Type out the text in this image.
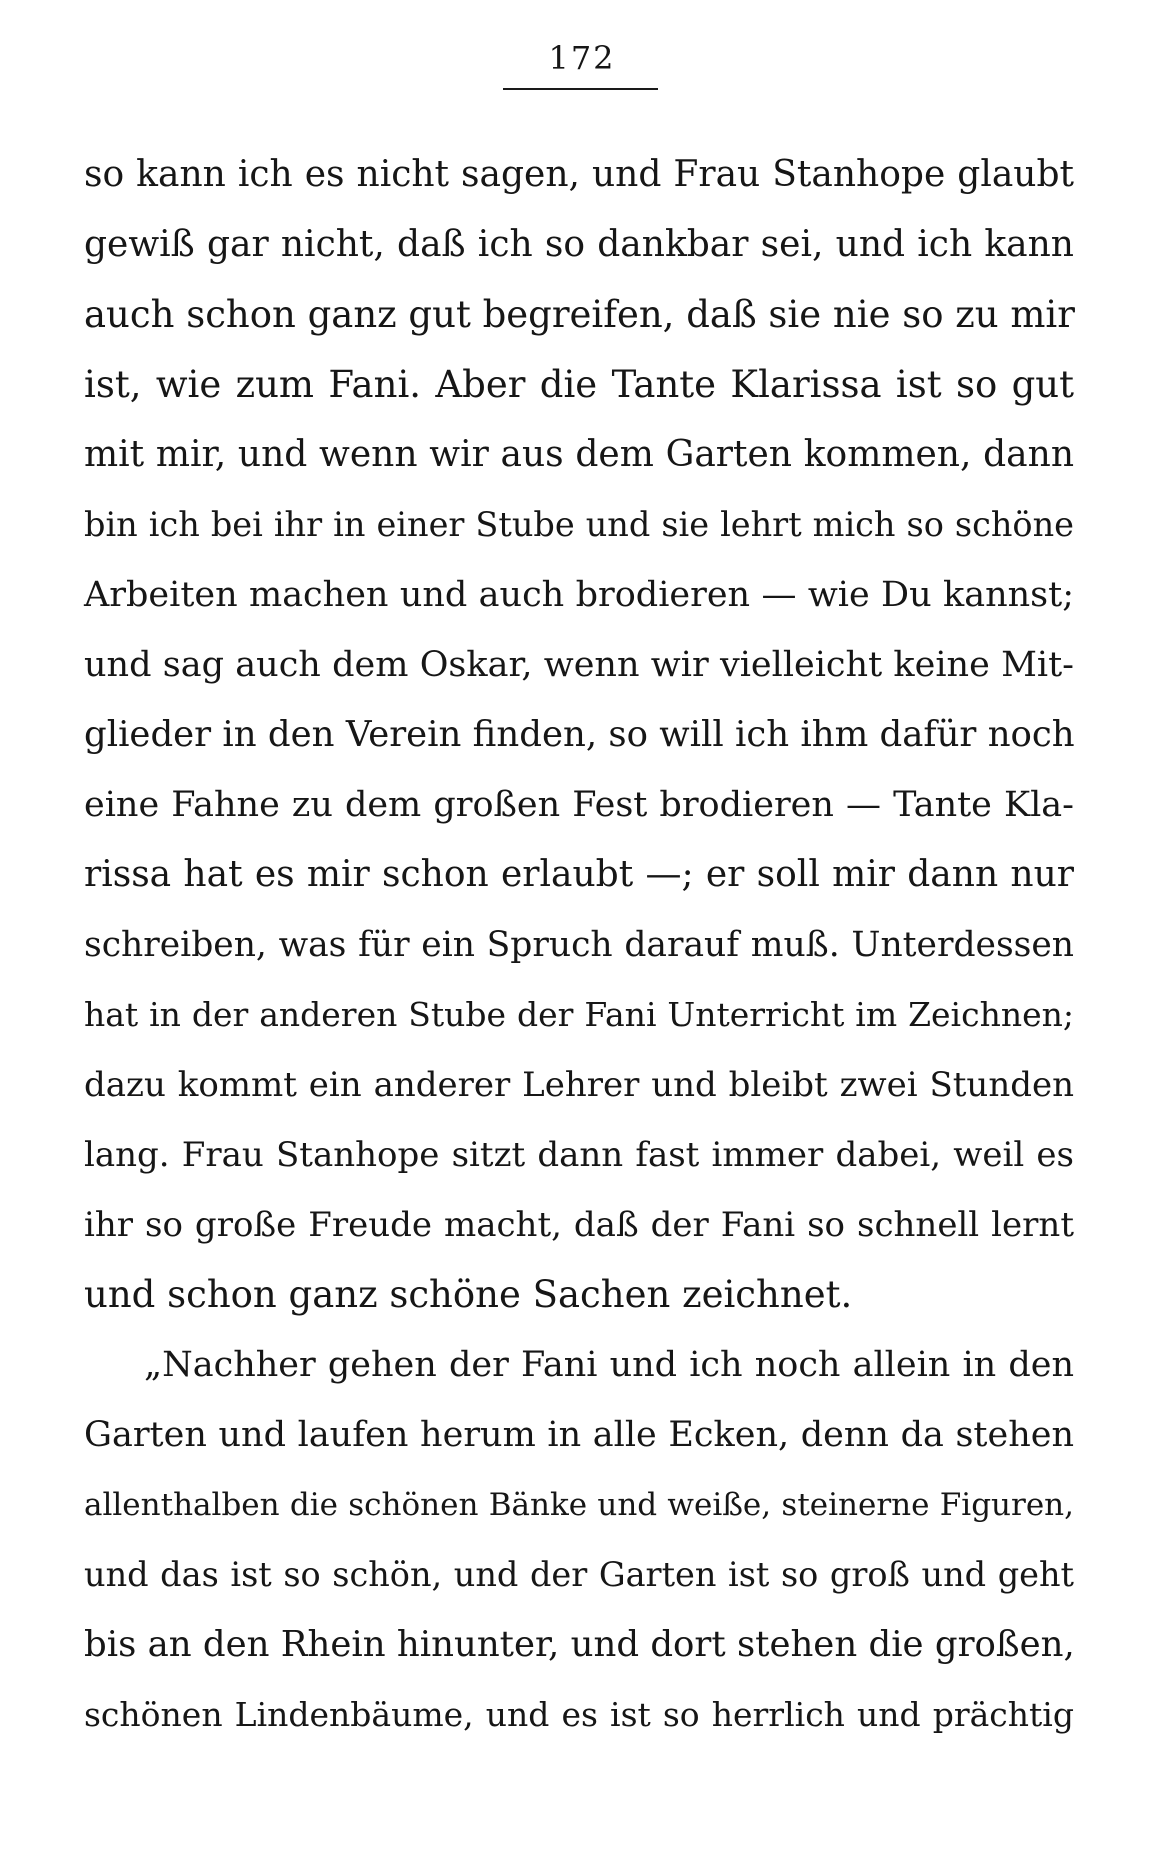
172
so kann ich es nicht sagen, und Frau Stanhope glaubt
gewiß gar nicht, daß ich so dankbar sei, und ich kann
auch schon ganz gut begreifen, daß sie nie so zu mir
ist, wie zum Fani. Aber die Tante Klarissa ist so gut
mit mir, und wenn wir aus dem Garten kommen, dann
bin ich bei ihr in einer Stube und sie lehrt mich so schöne
Arbeiten machen und auch brodieren — wie Du kannst;
und sag auch dem Oskar, wenn wir vielleicht keine Mit-
glieder in den Verein finden, so will ich ihm dafür noch
eine Fahne zu dem großen Fest brodieren — Tante Kla-
rissa hat es mir schon erlaubt —; er soll mir dann nur
schreiben, was für ein Spruch darauf muß. Unterdessen
hat in der anderen Stube der Fani Unterricht im Zeichnen;
dazu kommt ein anderer Lehrer und bleibt zwei Stunden
lang. Frau Stanhope sitzt dann fast immer dabei, weil es
ihr so große Freude macht, daß der Fani so schnell lernt
und schon ganz schöne Sachen zeichnet.
„Nachher gehen der Fani und ich noch allein in den
Garten und laufen herum in alle Ecken, denn da stehen
allenthalben die schönen Bänke und weiße, steinerne Figuren,
und das ist so schön, und der Garten ist so groß und geht
bis an den Rhein hinunter, und dort stehen die großen,
schönen Lindenbäume, und es ist so herrlich und prächtig
